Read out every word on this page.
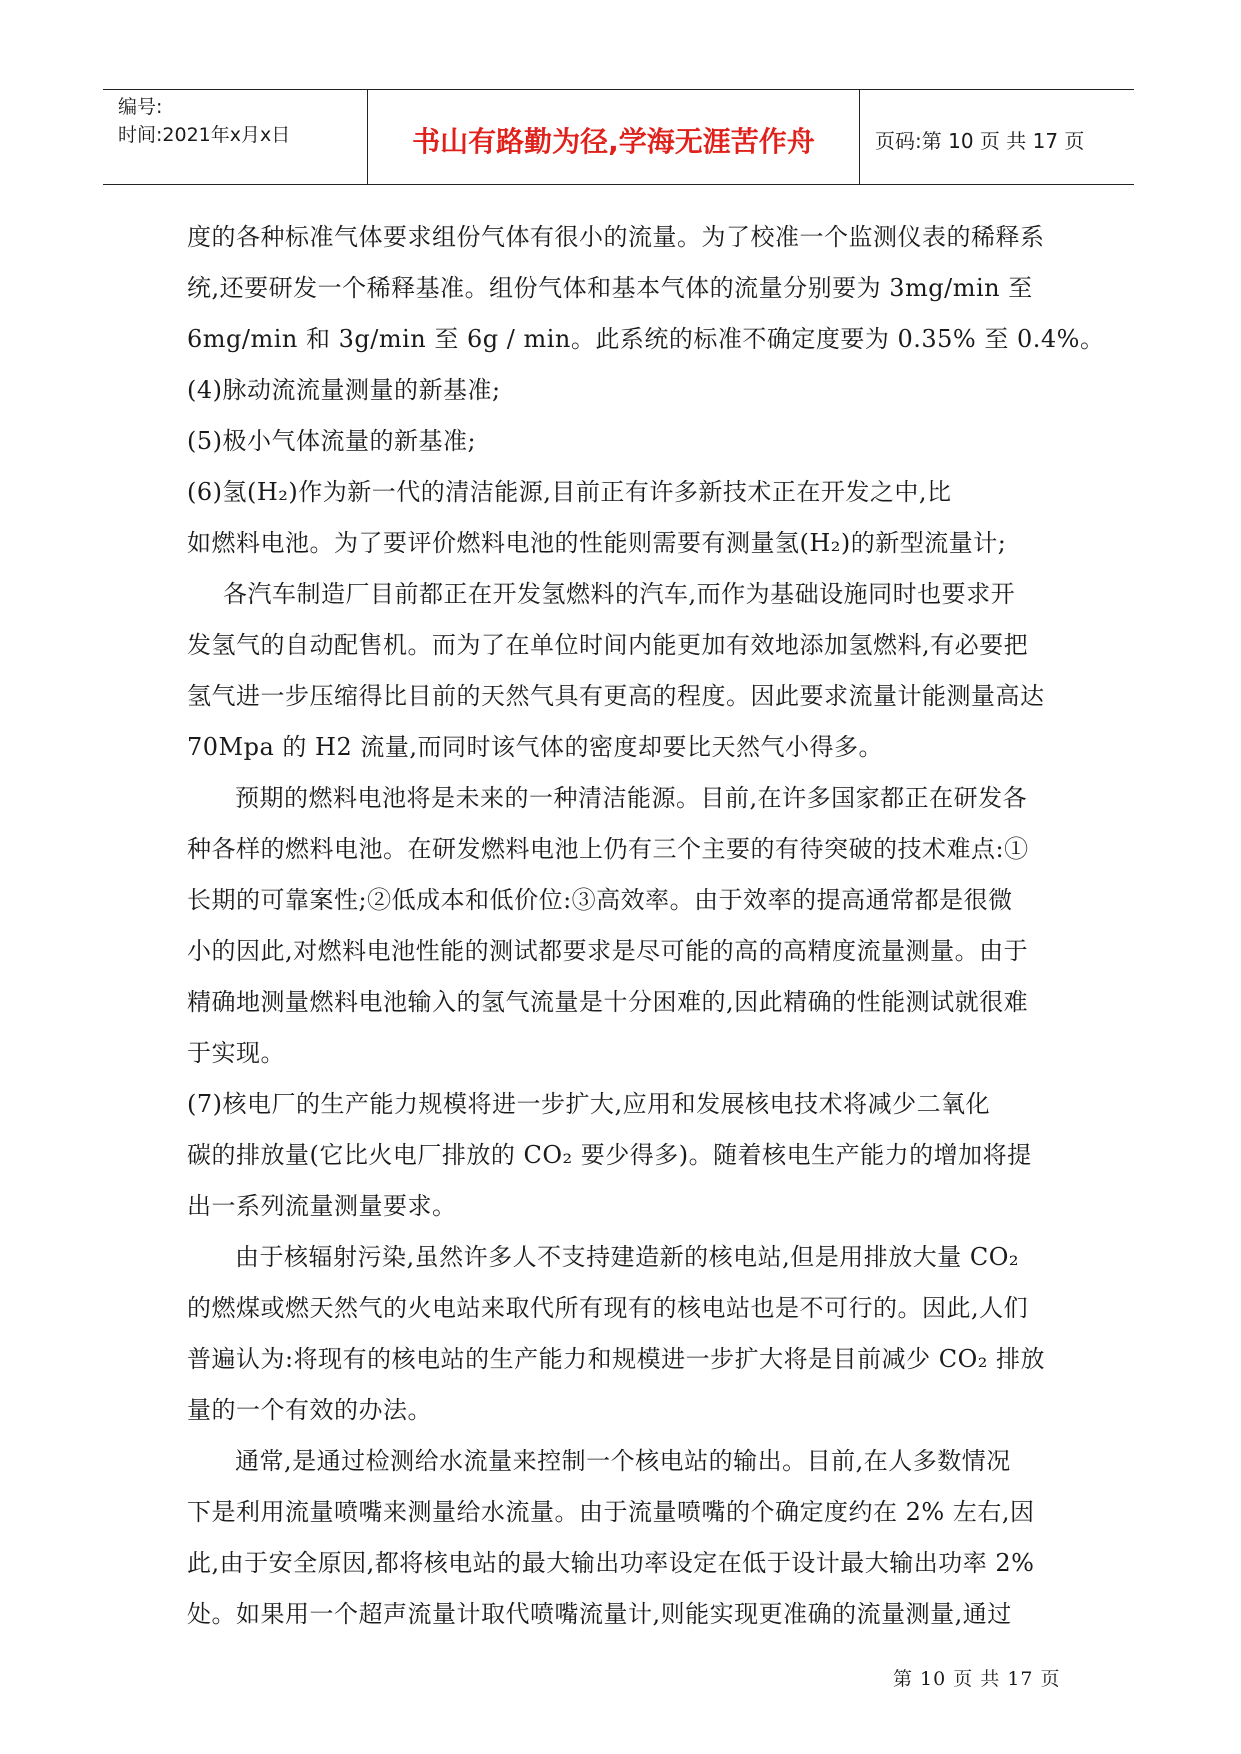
编号:
时间:2021年x月x日	书山有路勤为径,学海无涯苦作舟	页码:第 10 页 共 17 页
度的各种标准气体要求组份气体有很小的流量。为了校准一个监测仪表的稀释系
统,还要研发一个稀释基准。组份气体和基本气体的流量分别要为 3mg/min 至
6mg/min 和 3g/min 至 6g / min。此系统的标准不确定度要为 0.35% 至 0.4%。
(4)脉动流流量测量的新基准;
(5)极小气体流量的新基准;
(6)氢(H₂)作为新一代的清洁能源,目前正有许多新技术正在开发之中,比
如燃料电池。为了要评价燃料电池的性能则需要有测量氢(H₂)的新型流量计;
各汽车制造厂目前都正在开发氢燃料的汽车,而作为基础设施同时也要求开
发氢气的自动配售机。而为了在单位时间内能更加有效地添加氢燃料,有必要把
氢气进一步压缩得比目前的天然气具有更高的程度。因此要求流量计能测量高达
70Mpa 的 H2 流量,而同时该气体的密度却要比天然气小得多。
预期的燃料电池将是未来的一种清洁能源。目前,在许多国家都正在研发各
种各样的燃料电池。在研发燃料电池上仍有三个主要的有待突破的技术难点:①
长期的可靠案性;②低成本和低价位:③高效率。由于效率的提高通常都是很微
小的因此,对燃料电池性能的测试都要求是尽可能的高的高精度流量测量。由于
精确地测量燃料电池输入的氢气流量是十分困难的,因此精确的性能测试就很难
于实现。
(7)核电厂的生产能力规模将进一步扩大,应用和发展核电技术将减少二氧化
碳的排放量(它比火电厂排放的 CO₂ 要少得多)。随着核电生产能力的增加将提
出一系列流量测量要求。
由于核辐射污染,虽然许多人不支持建造新的核电站,但是用排放大量 CO₂
的燃煤或燃天然气的火电站来取代所有现有的核电站也是不可行的。因此,人们
普遍认为:将现有的核电站的生产能力和规模进一步扩大将是目前减少 CO₂ 排放
量的一个有效的办法。
通常,是通过检测给水流量来控制一个核电站的输出。目前,在人多数情况
下是利用流量喷嘴来测量给水流量。由于流量喷嘴的个确定度约在 2% 左右,因
此,由于安全原因,都将核电站的最大输出功率设定在低于设计最大输出功率 2%
处。如果用一个超声流量计取代喷嘴流量计,则能实现更准确的流量测量,通过
第 10 页 共 17 页
